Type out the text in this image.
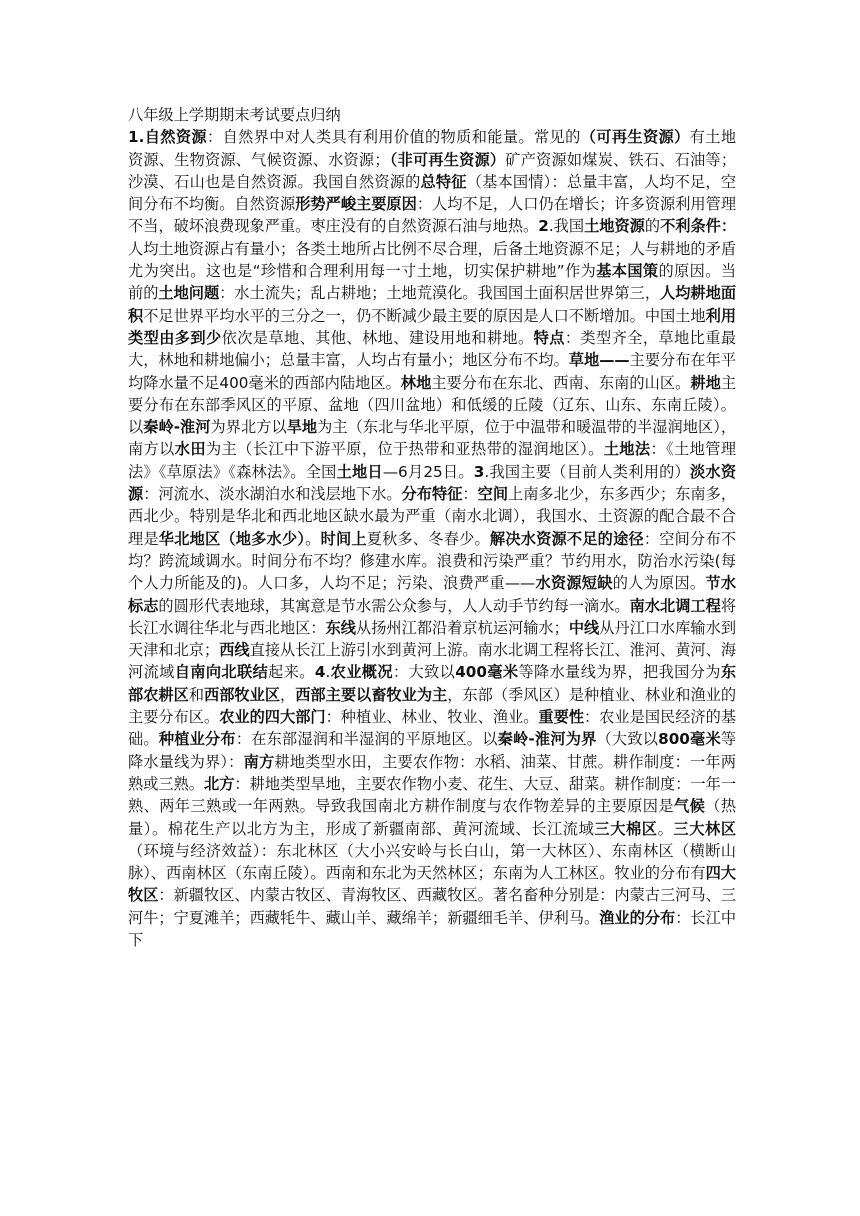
八年级上学期期末考试要点归纳
1.自然资源：自然界中对人类具有利用价值的物质和能量。常见的（可再生资源）有土地资源、生物资源、气候资源、水资源；（非可再生资源）矿产资源如煤炭、铁石、石油等；沙漠、石山也是自然资源。我国自然资源的总特征（基本国情）：总量丰富，人均不足，空间分布不均衡。自然资源形势严峻主要原因：人均不足，人口仍在增长；许多资源利用管理不当，破坏浪费现象严重。枣庄没有的自然资源石油与地热。2.我国土地资源的不利条件：人均土地资源占有量小；各类土地所占比例不尽合理，后备土地资源不足；人与耕地的矛盾尤为突出。这也是“珍惜和合理利用每一寸土地，切实保护耕地”作为基本国策的原因。当前的土地问题：水土流失；乱占耕地；土地荒漠化。我国国土面积居世界第三，人均耕地面积不足世界平均水平的三分之一，仍不断减少最主要的原因是人口不断增加。中国土地利用类型由多到少依次是草地、其他、林地、建设用地和耕地。特点：类型齐全，草地比重最大，林地和耕地偏小；总量丰富，人均占有量小；地区分布不均。草地——主要分布在年平均降水量不足400毫米的西部内陆地区。林地主要分布在东北、西南、东南的山区。耕地主要分布在东部季风区的平原、盆地（四川盆地）和低缓的丘陵（辽东、山东、东南丘陵）。以秦岭-淮河为界北方以旱地为主（东北与华北平原，位于中温带和暖温带的半湿润地区），南方以水田为主（长江中下游平原，位于热带和亚热带的湿润地区）。土地法：《土地管理法》《草原法》《森林法》。全国土地日—6月25日。3.我国主要（目前人类利用的）淡水资源：河流水、淡水湖泊水和浅层地下水。分布特征：空间上南多北少，东多西少；东南多，西北少。特别是华北和西北地区缺水最为严重（南水北调），我国水、土资源的配合最不合理是华北地区（地多水少）。时间上夏秋多、冬春少。解决水资源不足的途径：空间分布不均？跨流域调水。时间分布不均？修建水库。浪费和污染严重？节约用水，防治水污染(每个人力所能及的)。人口多，人均不足；污染、浪费严重——水资源短缺的人为原因。节水标志的圆形代表地球，其寓意是节水需公众参与，人人动手节约每一滴水。南水北调工程将长江水调往华北与西北地区：东线从扬州江都沿着京杭运河输水；中线从丹江口水库输水到天津和北京；西线直接从长江上游引水到黄河上游。南水北调工程将长江、淮河、黄河、海河流域自南向北联结起来。4.农业概况：大致以400毫米等降水量线为界，把我国分为东部农耕区和西部牧业区，西部主要以畜牧业为主，东部（季风区）是种植业、林业和渔业的主要分布区。农业的四大部门：种植业、林业、牧业、渔业。重要性：农业是国民经济的基础。种植业分布：在东部湿润和半湿润的平原地区。以秦岭-淮河为界（大致以800毫米等降水量线为界）：南方耕地类型水田，主要农作物：水稻、油菜、甘蔗。耕作制度：一年两熟或三熟。北方：耕地类型旱地，主要农作物小麦、花生、大豆、甜菜。耕作制度：一年一熟、两年三熟或一年两熟。导致我国南北方耕作制度与农作物差异的主要原因是气候（热量）。棉花生产以北方为主，形成了新疆南部、黄河流域、长江流域三大棉区。三大林区（环境与经济效益）：东北林区（大小兴安岭与长白山，第一大林区）、东南林区（横断山脉）、西南林区（东南丘陵）。西南和东北为天然林区；东南为人工林区。牧业的分布有四大牧区：新疆牧区、内蒙古牧区、青海牧区、西藏牧区。著名畜种分别是：内蒙古三河马、三河牛；宁夏滩羊；西藏牦牛、藏山羊、藏绵羊；新疆细毛羊、伊利马。渔业的分布：长江中下
